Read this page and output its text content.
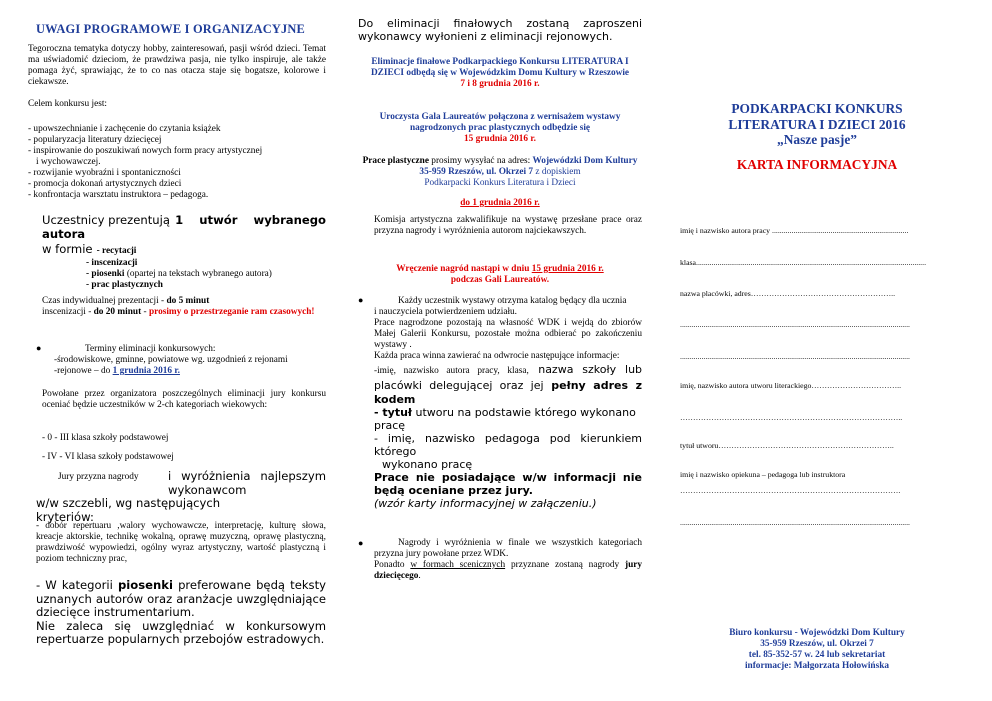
UWAGI PROGRAMOWE I ORGANIZACYJNE

Tegoroczna tematyka dotyczy hobby, zainteresowań, pasji wśród dzieci. Temat ma uświadomić dzieciom, że prawdziwa pasja, nie tylko inspiruje, ale także pomaga żyć, sprawiając, że to co nas otacza staje się bogatsze, kolorowe i ciekawsze.

Celem konkursu jest:

- upowszechnianie i zachęcenie do czytania książek
- popularyzacja literatury dziecięcej
- inspirowanie do poszukiwań nowych form pracy artystycznej
i wychowawczej.
- rozwijanie wyobraźni i spontaniczności
- promocja dokonań artystycznych dzieci
- konfrontacja warsztatu instruktora – pedagoga.
Uczestnicy prezentują 1 utwór wybranego
autora
w formie - recytacji
- inscenizacji
- piosenki (opartej na tekstach wybranego autora)
- prac plastycznych
Czas indywidualnej prezentacji - do 5 minut
inscenizacji - do 20 minut - prosimy o przestrzeganie ram czasowych!
●	Terminy eliminacji konkursowych:
-środowiskowe, gminne, powiatowe wg. uzgodnień z rejonami
-rejonowe – do 1 grudnia 2016 r.

Powołane przez organizatora poszczególnych eliminacji jury konkursu oceniać będzie uczestników w 2-ch kategoriach wiekowych:

- 0 - III klasa szkoły podstawowej

- IV - VI klasa szkoły podstawowej

Jury przyzna nagrody	i wyróżnienia najlepszym wykonawcom
w/w szczebli, wg następujących
kryteriów:

- dobór repertuaru ,walory wychowawcze, interpretację, kulturę słowa, kreacje aktorskie, technikę wokalną, oprawę muzyczną, oprawę plastyczną, prawdziwość wypowiedzi, ogólny wyraz artystyczny, wartość plastyczną i poziom techniczny prac,

- W kategorii piosenki preferowane będą teksty uznanych autorów oraz aranżacje uwzględniające dziecięce instrumentarium.
Nie zaleca się uwzględniać w konkursowym repertuarze popularnych przebojów estradowych.

Do eliminacji finałowych zostaną zaproszeni wykonawcy wyłonieni z eliminacji rejonowych.

Eliminacje finałowe Podkarpackiego Konkursu LITERATURA I DZIECI odbędą się w Wojewódzkim Domu Kultury w Rzeszowie
7 i 8 grudnia 2016 r.
Uroczysta Gala Laureatów połączona z wernisażem wystawy nagrodzonych prac plastycznych odbędzie się
15 grudnia 2016 r.
Prace plastyczne prosimy wysyłać na adres: Wojewódzki Dom Kultury 35-959 Rzeszów, ul. Okrzei 7 z dopiskiem
Podkarpacki Konkurs Literatura i Dzieci
do 1 grudnia 2016 r.

Komisja artystyczna zakwalifikuje na wystawę przesłane prace oraz przyzna nagrody i wyróżnienia autorom najciekawszych.

Wręczenie nagród nastąpi w dniu 15 grudnia 2016 r.
podczas Gali Laureatów.
●	Każdy uczestnik wystawy otrzyma katalog będący dla ucznia
i nauczyciela potwierdzeniem udziału.
Prace nagrodzone pozostają na własność WDK i wejdą do zbiorów Małej Galerii Konkursu, pozostałe można odbierać po zakończeniu wystawy .
Każda praca winna zawierać na odwrocie następujące informacje:
-imię, nazwisko autora pracy, klasa, nazwa szkoły lub placówki delegującej oraz jej pełny adres z kodem
- tytuł utworu na podstawie którego wykonano pracę
- imię, nazwisko pedagoga pod kierunkiem którego
wykonano pracę
Prace nie posiadające w/w informacji nie będą oceniane przez jury.
(wzór karty informacyjnej w załączeniu.)
●	Nagrody i wyróżnienia w finale we wszystkich kategoriach przyzna jury powołane przez WDK.
Ponadto w formach scenicznych przyznane zostaną nagrody jury dziecięcego.
PODKARPACKI KONKURS
LITERATURA I DZIECI 2016
„Nasze pasje”
KARTA INFORMACYJNA
imię i nazwisko autora pracy ......................................................................
klasa......................................................................................................................
nazwa placówki, adres………………………………………………..
......................................................................................................................
......................................................................................................................
imię, nazwisko autora utworu literackiego……………………………..
…………………………………………………………………………..
tytuł utworu…………………………………………………………..
imię i nazwisko opiekuna – pedagoga lub instruktora
………………………………………………………………………….
......................................................................................................................
Biuro konkursu - Wojewódzki Dom Kultury
35-959 Rzeszów, ul. Okrzei 7
tel. 85-352-57 w. 24 lub sekretariat
informacje: Małgorzata Hołowińska
